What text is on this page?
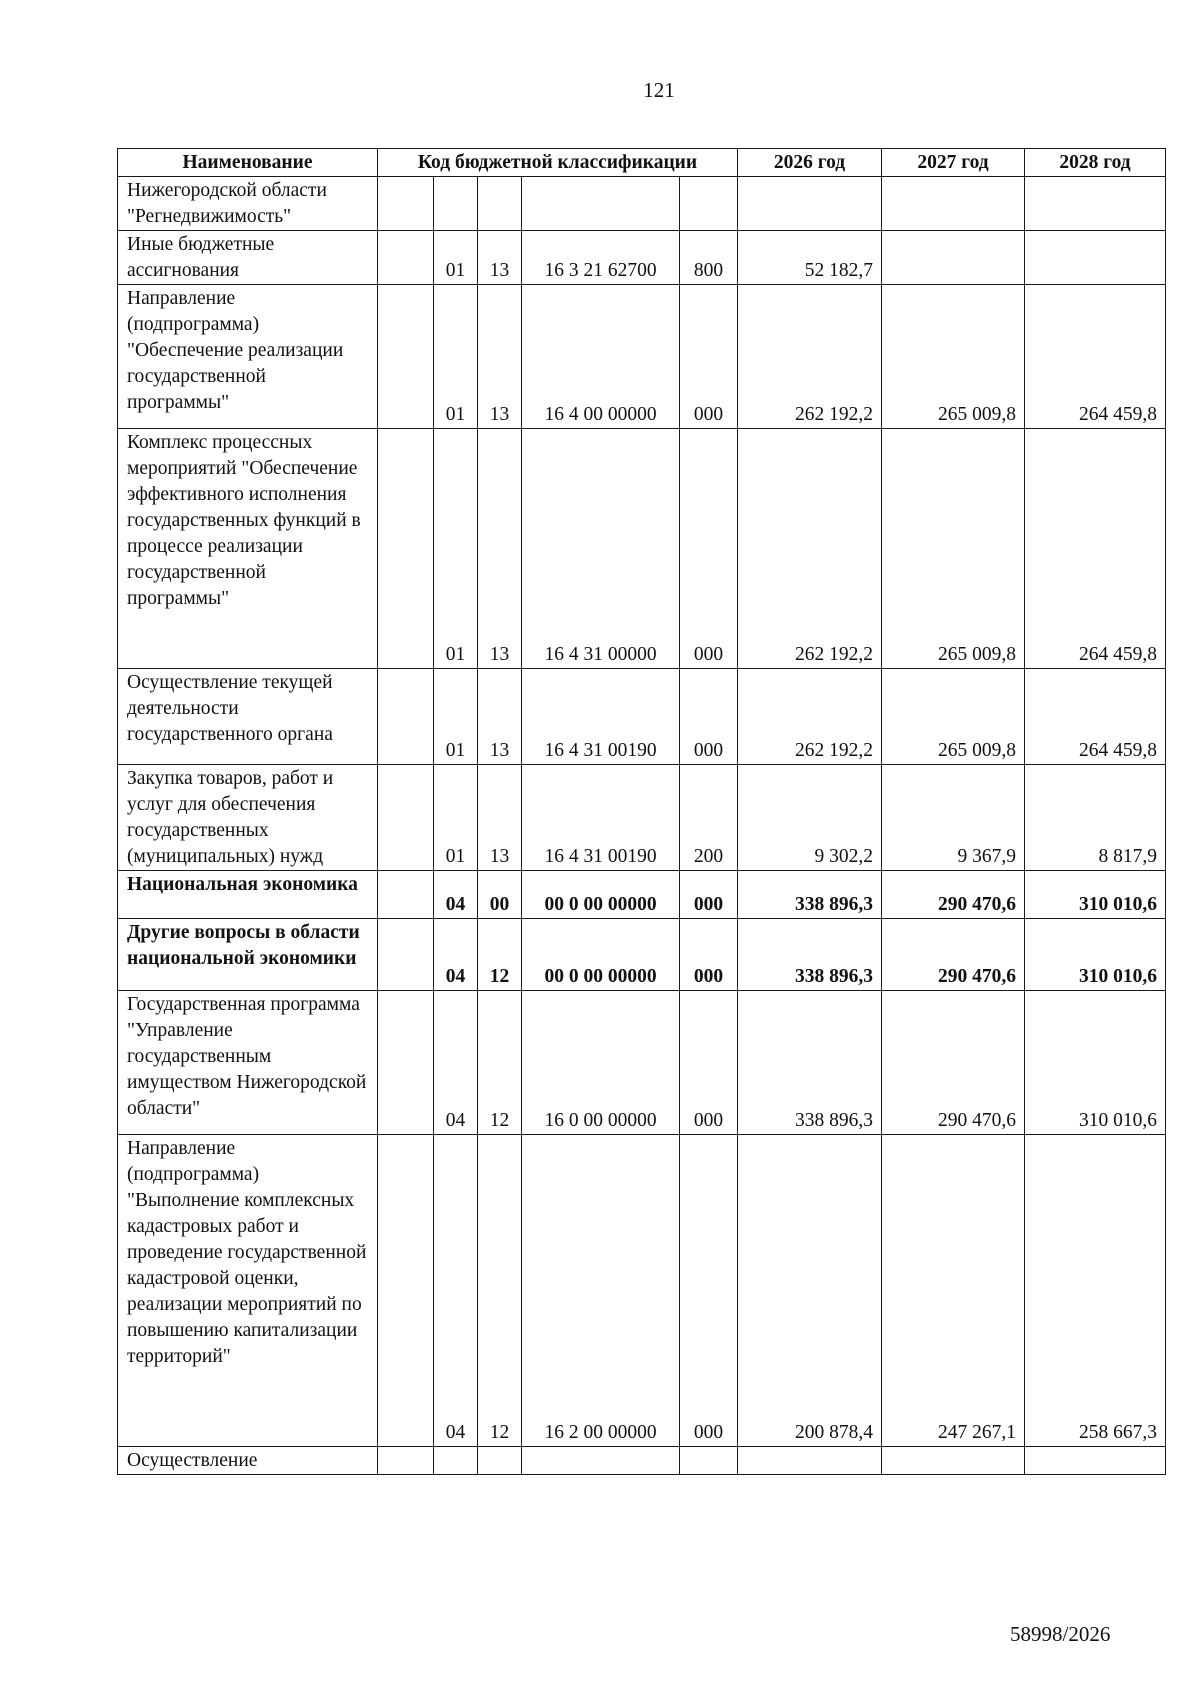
121
Наименование	Код бюджетной классификации					2026 год	2027 год	2028 год
Нижегородской области "Регнедвижимость"								
Иные бюджетные ассигнования		01	13	16 3 21 62700	800	52 182,7		
Направление (подпрограмма) "Обеспечение реализации государственной программы"		01	13	16 4 00 00000	000	262 192,2	265 009,8	264 459,8
Комплекс процессных мероприятий "Обеспечение эффективного исполнения государственных функций в процессе реализации государственной программы"		01	13	16 4 31 00000	000	262 192,2	265 009,8	264 459,8
Осуществление текущей деятельности государственного органа		01	13	16 4 31 00190	000	262 192,2	265 009,8	264 459,8
Закупка товаров, работ и услуг для обеспечения государственных (муниципальных) нужд		01	13	16 4 31 00190	200	9 302,2	9 367,9	8 817,9
Национальная экономика		04	00	00 0 00 00000	000	338 896,3	290 470,6	310 010,6
Другие вопросы в области национальной экономики		04	12	00 0 00 00000	000	338 896,3	290 470,6	310 010,6
Государственная программа "Управление государственным имуществом Нижегородской области"		04	12	16 0 00 00000	000	338 896,3	290 470,6	310 010,6
Направление (подпрограмма) "Выполнение комплексных кадастровых работ и проведение государственной кадастровой оценки, реализации мероприятий по повышению капитализации территорий"		04	12	16 2 00 00000	000	200 878,4	247 267,1	258 667,3
Осуществление								
58998/2026
